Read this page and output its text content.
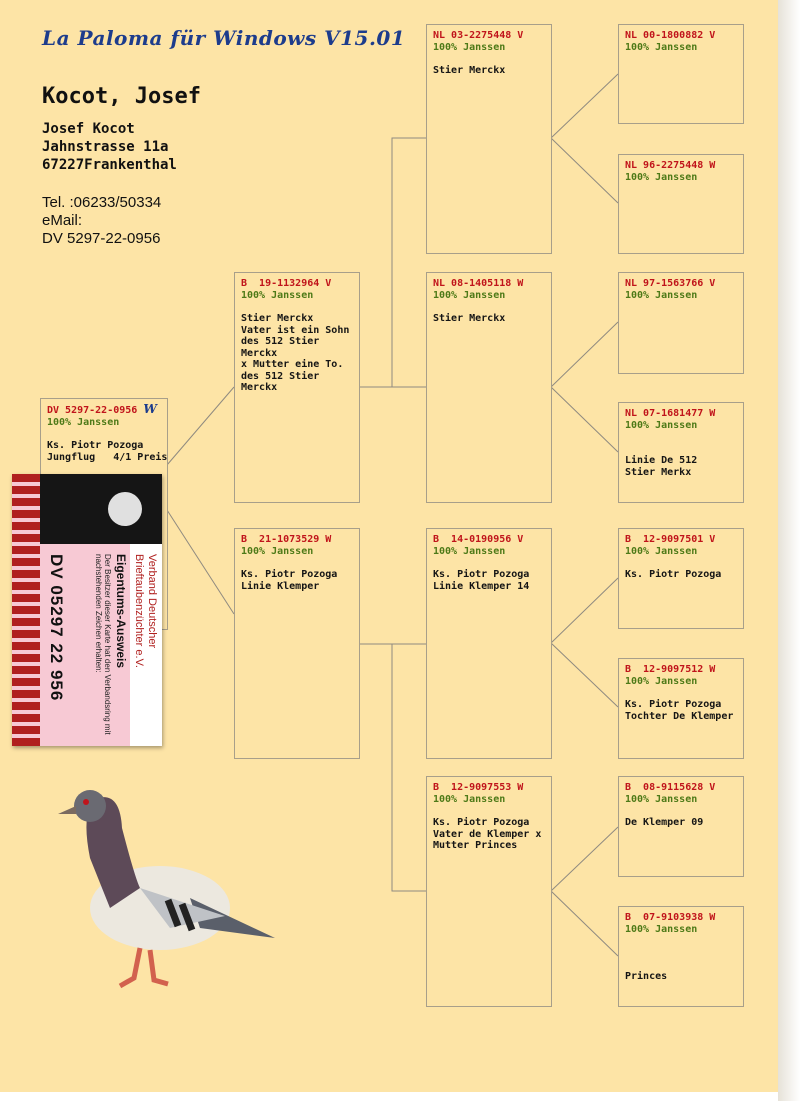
La Paloma für Windows V15.01
Kocot, Josef
Josef Kocot
Jahnstrasse 11a
67227Frankenthal
Tel. :06233/50334
eMail:
DV 5297-22-0956
DV 5297-22-0956 W
100% Janssen
Ks. Piotr Pozoga
Jungflug   4/1 Preis
B  19-1132964 V
100% Janssen
Stier Merckx
Vater ist ein Sohn
des 512 Stier Merckx
x Mutter eine To.
des 512 Stier Merckx
B  21-1073529 W
100% Janssen
Ks. Piotr Pozoga
Linie Klemper
NL 03-2275448 V
100% Janssen
Stier Merckx
NL 08-1405118 W
100% Janssen
Stier Merckx
B  14-0190956 V
100% Janssen
Ks. Piotr Pozoga
Linie Klemper 14
B  12-9097553 W
100% Janssen
Ks. Piotr Pozoga
Vater de Klemper x
Mutter Princes
NL 00-1800882 V
100% Janssen
NL 96-2275448 W
100% Janssen
NL 97-1563766 V
100% Janssen
NL 07-1681477 W
100% Janssen
Linie De 512
Stier Merkx
B  12-9097501 V
100% Janssen
Ks. Piotr Pozoga
B  12-9097512 W
100% Janssen
Ks. Piotr Pozoga
Tochter De Klemper
B  08-9115628 V
100% Janssen
De Klemper 09
B  07-9103938 W
100% Janssen
Princes
Verband Deutscher
Brieftaubenzüchter e.V.
Eigentums-Ausweis
Der Besitzer dieser Karte hat den Verbandsring mit nachstehenden Zeichen erhalten:
DV 05297 22 956
